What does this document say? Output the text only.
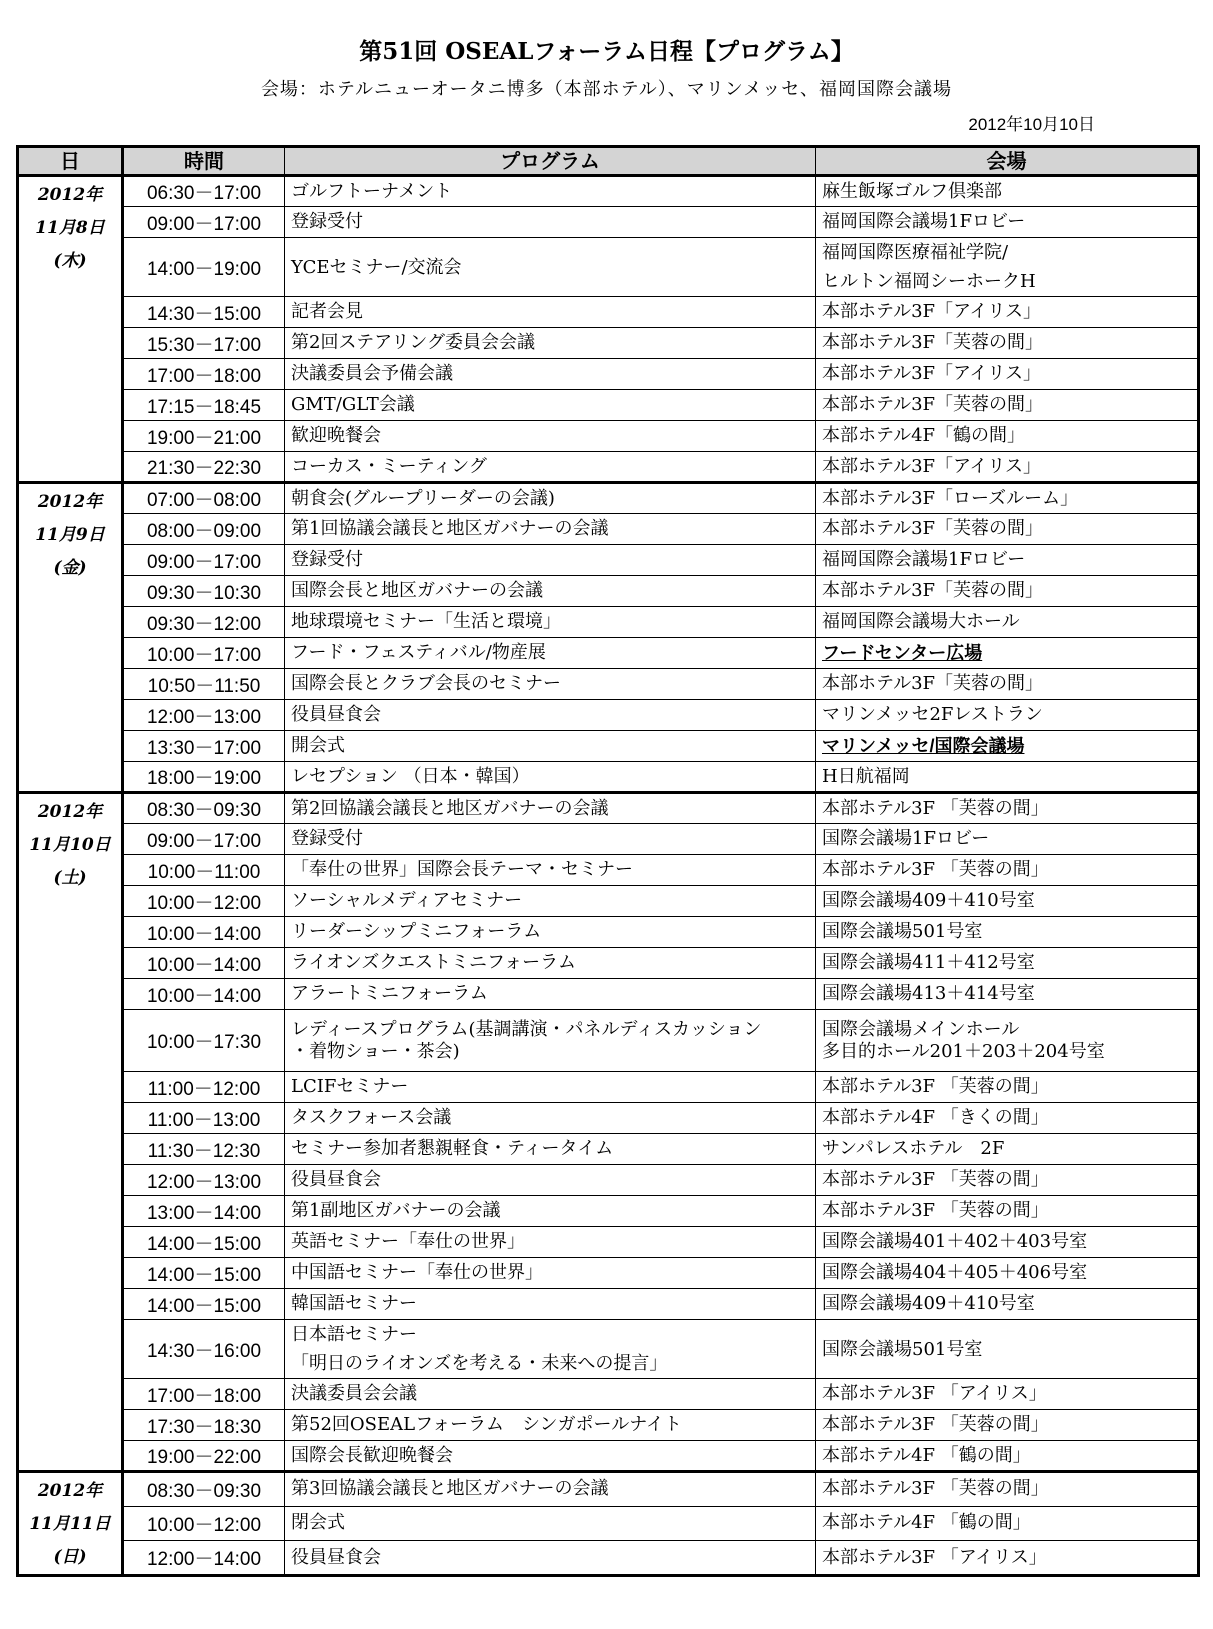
第51回 OSEALフォーラム日程【プログラム】
会場：ホテルニューオータニ博多（本部ホテル）、マリンメッセ、福岡国際会議場
2012年10月10日
日	時間	プログラム	会場

2012年
11月8日
(木)	06:30－17:00	ゴルフトーナメント	麻生飯塚ゴルフ倶楽部

	09:00－17:00	登録受付	福岡国際会議場1Fロビー

	14:00－19:00	YCEセミナー/交流会	福岡国際医療福祉学院/
ヒルトン福岡シーホークH

	14:30－15:00	記者会見	本部ホテル3F「アイリス」

	15:30－17:00	第2回ステアリング委員会会議	本部ホテル3F「芙蓉の間」

	17:00－18:00	決議委員会予備会議	本部ホテル3F「アイリス」

	17:15－18:45	GMT/GLT会議	本部ホテル3F「芙蓉の間」

	19:00－21:00	歓迎晩餐会	本部ホテル4F「鶴の間」

	21:30－22:30	コーカス・ミーティング	本部ホテル3F「アイリス」

2012年
11月9日
(金)	07:00－08:00	朝食会(グループリーダーの会議)	本部ホテル3F「ローズルーム」

	08:00－09:00	第1回協議会議長と地区ガバナーの会議	本部ホテル3F「芙蓉の間」

	09:00－17:00	登録受付	福岡国際会議場1Fロビー

	09:30－10:30	国際会長と地区ガバナーの会議	本部ホテル3F「芙蓉の間」

	09:30－12:00	地球環境セミナー「生活と環境」	福岡国際会議場大ホール

	10:00－17:00	フード・フェスティバル/物産展	フードセンター広場

	10:50－11:50	国際会長とクラブ会長のセミナー	本部ホテル3F「芙蓉の間」

	12:00－13:00	役員昼食会	マリンメッセ2Fレストラン

	13:30－17:00	開会式	マリンメッセ/国際会議場

	18:00－19:00	レセプション （日本・韓国）	H日航福岡

2012年
11月10日
(土)	08:30－09:30	第2回協議会議長と地区ガバナーの会議	本部ホテル3F 「芙蓉の間」

	09:00－17:00	登録受付	国際会議場1Fロビー

	10:00－11:00	「奉仕の世界」国際会長テーマ・セミナー	本部ホテル3F 「芙蓉の間」

	10:00－12:00	ソーシャルメディアセミナー	国際会議場409＋410号室

	10:00－14:00	リーダーシップミニフォーラム	国際会議場501号室

	10:00－14:00	ライオンズクエストミニフォーラム	国際会議場411＋412号室

	10:00－14:00	アラートミニフォーラム	国際会議場413＋414号室

	10:00－17:30	レディースプログラム(基調講演・パネルディスカッション
・着物ショー・茶会)	国際会議場メインホール
多目的ホール201＋203＋204号室

	11:00－12:00	LCIFセミナー	本部ホテル3F 「芙蓉の間」

	11:00－13:00	タスクフォース会議	本部ホテル4F 「きくの間」

	11:30－12:30	セミナー参加者懇親軽食・ティータイム	サンパレスホテル　2F

	12:00－13:00	役員昼食会	本部ホテル3F 「芙蓉の間」

	13:00－14:00	第1副地区ガバナーの会議	本部ホテル3F 「芙蓉の間」

	14:00－15:00	英語セミナー「奉仕の世界」	国際会議場401＋402＋403号室

	14:00－15:00	中国語セミナー「奉仕の世界」	国際会議場404＋405＋406号室

	14:00－15:00	韓国語セミナー	国際会議場409＋410号室

	14:30－16:00	日本語セミナー
「明日のライオンズを考える・未来への提言」	国際会議場501号室

	17:00－18:00	決議委員会会議	本部ホテル3F 「アイリス」

	17:30－18:30	第52回OSEALフォーラム　シンガポールナイト	本部ホテル3F 「芙蓉の間」

	19:00－22:00	国際会長歓迎晩餐会	本部ホテル4F 「鶴の間」

2012年
11月11日
(日)	08:30－09:30	第3回協議会議長と地区ガバナーの会議	本部ホテル3F 「芙蓉の間」

	10:00－12:00	閉会式	本部ホテル4F 「鶴の間」

	12:00－14:00	役員昼食会	本部ホテル3F 「アイリス」
